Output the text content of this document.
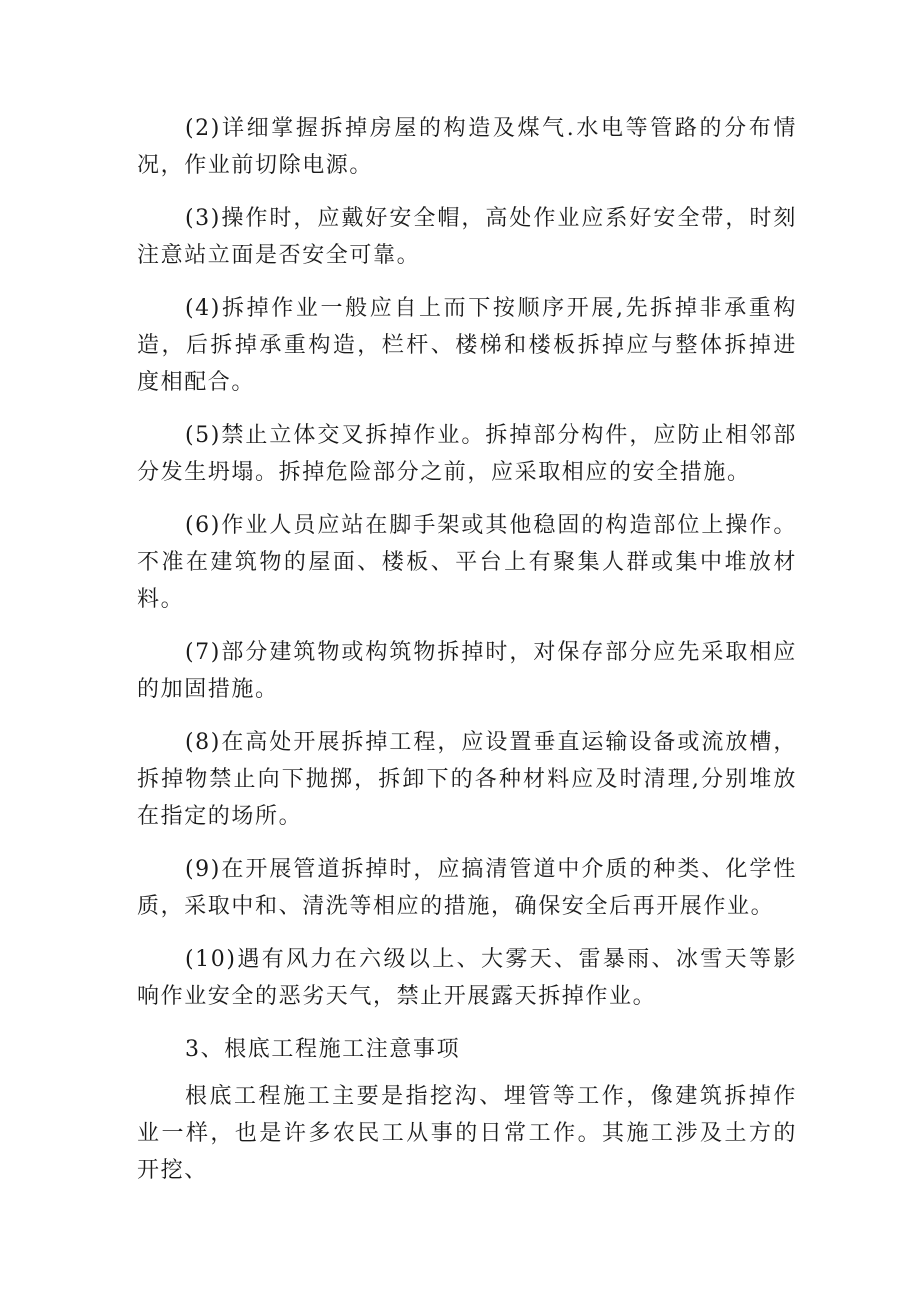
(2)详细掌握拆掉房屋的构造及煤气.水电等管路的分布情况，作业前切除电源。

(3)操作时，应戴好安全帽，高处作业应系好安全带，时刻注意站立面是否安全可靠。

(4)拆掉作业一般应自上而下按顺序开展,先拆掉非承重构造，后拆掉承重构造，栏杆、楼梯和楼板拆掉应与整体拆掉进度相配合。

(5)禁止立体交叉拆掉作业。拆掉部分构件，应防止相邻部分发生坍塌。拆掉危险部分之前，应采取相应的安全措施。

(6)作业人员应站在脚手架或其他稳固的构造部位上操作。不准在建筑物的屋面、楼板、平台上有聚集人群或集中堆放材料。

(7)部分建筑物或构筑物拆掉时，对保存部分应先采取相应的加固措施。

(8)在高处开展拆掉工程，应设置垂直运输设备或流放槽，拆掉物禁止向下抛掷，拆卸下的各种材料应及时清理,分别堆放在指定的场所。

(9)在开展管道拆掉时，应搞清管道中介质的种类、化学性质，采取中和、清洗等相应的措施，确保安全后再开展作业。

(10)遇有风力在六级以上、大雾天、雷暴雨、冰雪天等影响作业安全的恶劣天气，禁止开展露天拆掉作业。

3、根底工程施工注意事项

根底工程施工主要是指挖沟、埋管等工作，像建筑拆掉作业一样，也是许多农民工从事的日常工作。其施工涉及土方的开挖、
